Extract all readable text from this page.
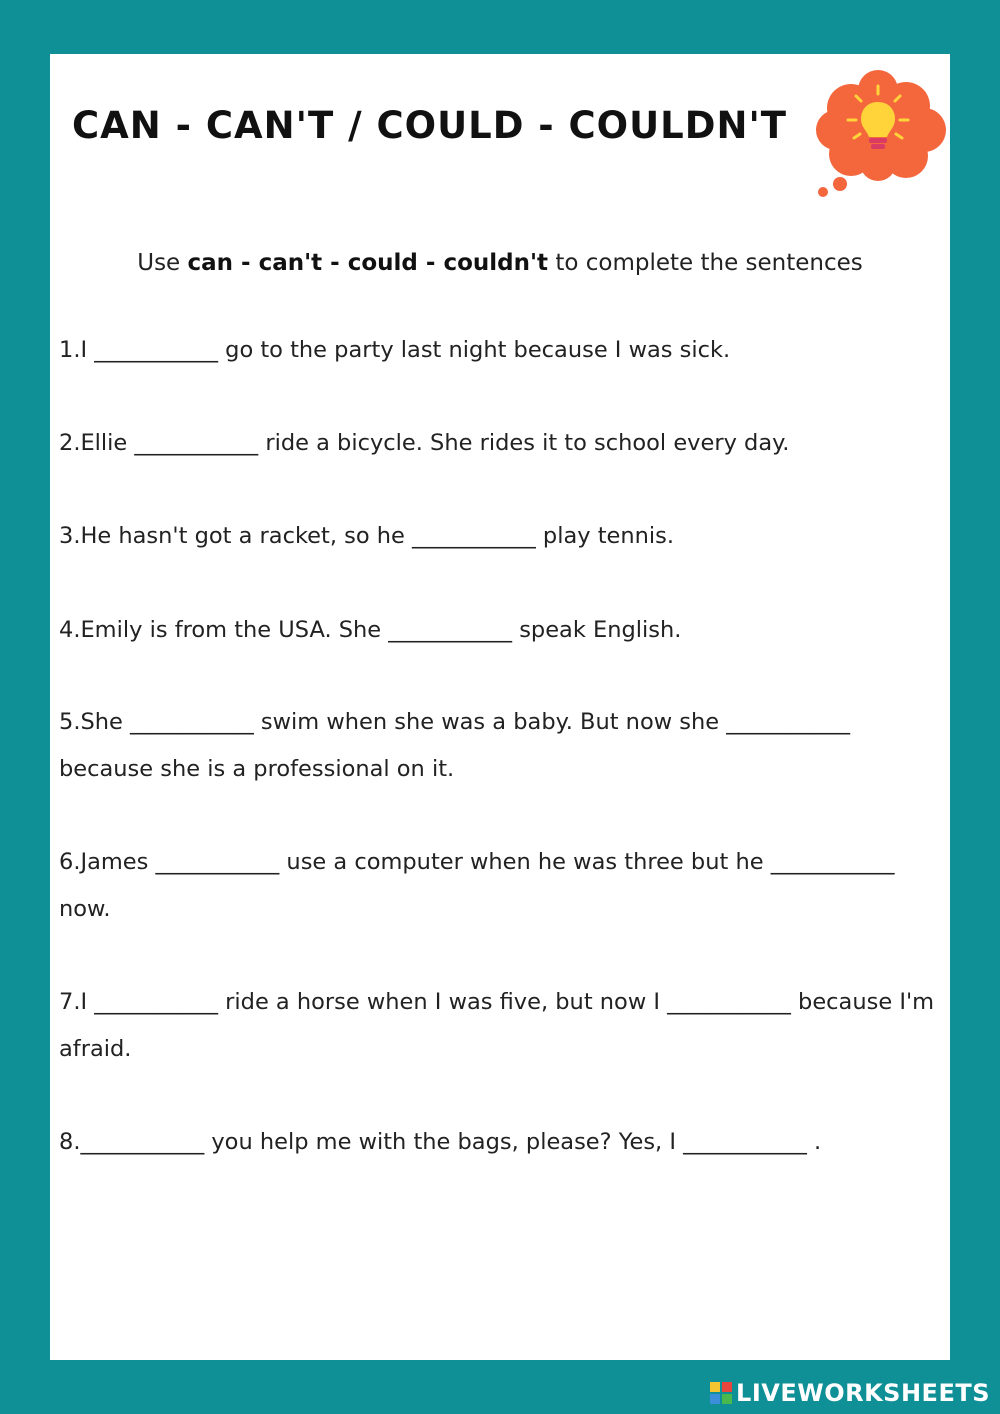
CAN - CAN'T / COULD - COULDN'T
Use can - can't - could - couldn't to complete the sentences

1.I ___________ go to the party last night because I was sick.

2.Ellie ___________ ride a bicycle. She rides it to school every day.

3.He hasn't got a racket, so he ___________ play tennis.

4.Emily is from the USA. She ___________ speak English.

5.She ___________ swim when she was a baby. But now she ___________ because she is a professional on it.

6.James ___________ use a computer when he was three but he ___________ now.

7.I ___________ ride a horse when I was five, but now I ___________ because I'm afraid.

8.___________ you help me with the bags, please? Yes, I ___________ .

LIVEWORKSHEETS
